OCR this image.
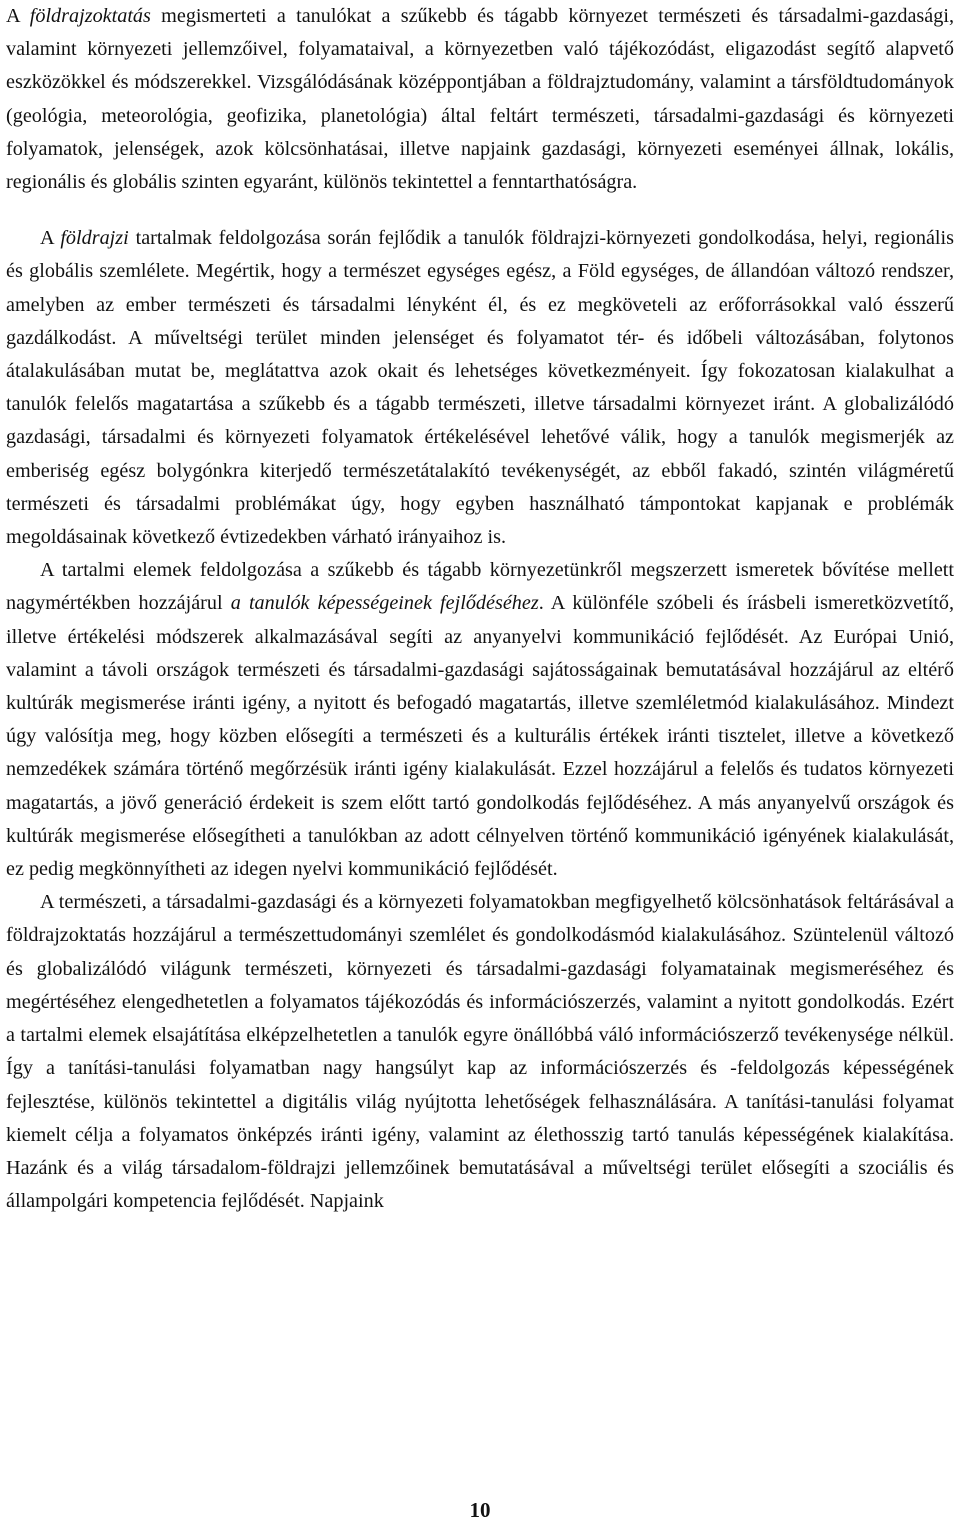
A földrajzoktatás megismerteti a tanulókat a szűkebb és tágabb környezet természeti és társadalmi-gazdasági, valamint környezeti jellemzőivel, folyamataival, a környezetben való tájékozódást, eligazodást segítő alapvető eszközökkel és módszerekkel. Vizsgálódásának középpontjában a földrajztudomány, valamint a társföldtudományok (geológia, meteorológia, geofizika, planetológia) által feltárt természeti, társadalmi-gazdasági és környezeti folyamatok, jelenségek, azok kölcsönhatásai, illetve napjaink gazdasági, környezeti eseményei állnak, lokális, regionális és globális szinten egyaránt, különös tekintettel a fenntarthatóságra.

A földrajzi tartalmak feldolgozása során fejlődik a tanulók földrajzi-környezeti gondolkodása, helyi, regionális és globális szemlélete. Megértik, hogy a természet egységes egész, a Föld egységes, de állandóan változó rendszer, amelyben az ember természeti és társadalmi lényként él, és ez megköveteli az erőforrásokkal való ésszerű gazdálkodást. A műveltségi terület minden jelenséget és folyamatot tér- és időbeli változásában, folytonos átalakulásában mutat be, meglátattva azok okait és lehetséges következményeit. Így fokozatosan kialakulhat a tanulók felelős magatartása a szűkebb és a tágabb természeti, illetve társadalmi környezet iránt. A globalizálódó gazdasági, társadalmi és környezeti folyamatok értékelésével lehetővé válik, hogy a tanulók megismerjék az emberiség egész bolygónkra kiterjedő természetátalakító tevékenységét, az ebből fakadó, szintén világméretű természeti és társadalmi problémákat úgy, hogy egyben használható támpontokat kapjanak e problémák megoldásainak következő évtizedekben várható irányaihoz is.

A tartalmi elemek feldolgozása a szűkebb és tágabb környezetünkről megszerzett ismeretek bővítése mellett nagymértékben hozzájárul a tanulók képességeinek fejlődéséhez. A különféle szóbeli és írásbeli ismeretközvetítő, illetve értékelési módszerek alkalmazásával segíti az anyanyelvi kommunikáció fejlődését. Az Európai Unió, valamint a távoli országok természeti és társadalmi-gazdasági sajátosságainak bemutatásával hozzájárul az eltérő kultúrák megismerése iránti igény, a nyitott és befogadó magatartás, illetve szemléletmód kialakulásához. Mindezt úgy valósítja meg, hogy közben elősegíti a természeti és a kulturális értékek iránti tisztelet, illetve a következő nemzedékek számára történő megőrzésük iránti igény kialakulását. Ezzel hozzájárul a felelős és tudatos környezeti magatartás, a jövő generáció érdekeit is szem előtt tartó gondolkodás fejlődéséhez. A más anyanyelvű országok és kultúrák megismerése elősegítheti a tanulókban az adott célnyelven történő kommunikáció igényének kialakulását, ez pedig megkönnyítheti az idegen nyelvi kommunikáció fejlődését.

A természeti, a társadalmi-gazdasági és a környezeti folyamatokban megfigyelhető kölcsönhatások feltárásával a földrajzoktatás hozzájárul a természettudományi szemlélet és gondolkodásmód kialakulásához. Szüntelenül változó és globalizálódó világunk természeti, környezeti és társadalmi-gazdasági folyamatainak megismeréséhez és megértéséhez elengedhetetlen a folyamatos tájékozódás és információszerzés, valamint a nyitott gondolkodás. Ezért a tartalmi elemek elsajátítása elképzelhetetlen a tanulók egyre önállóbbá váló információszerző tevékenysége nélkül. Így a tanítási-tanulási folyamatban nagy hangsúlyt kap az információszerzés és -feldolgozás képességének fejlesztése, különös tekintettel a digitális világ nyújtotta lehetőségek felhasználására. A tanítási-tanulási folyamat kiemelt célja a folyamatos önképzés iránti igény, valamint az élethosszig tartó tanulás képességének kialakítása. Hazánk és a világ társadalom-földrajzi jellemzőinek bemutatásával a műveltségi terület elősegíti a szociális és állampolgári kompetencia fejlődését. Napjaink

10
